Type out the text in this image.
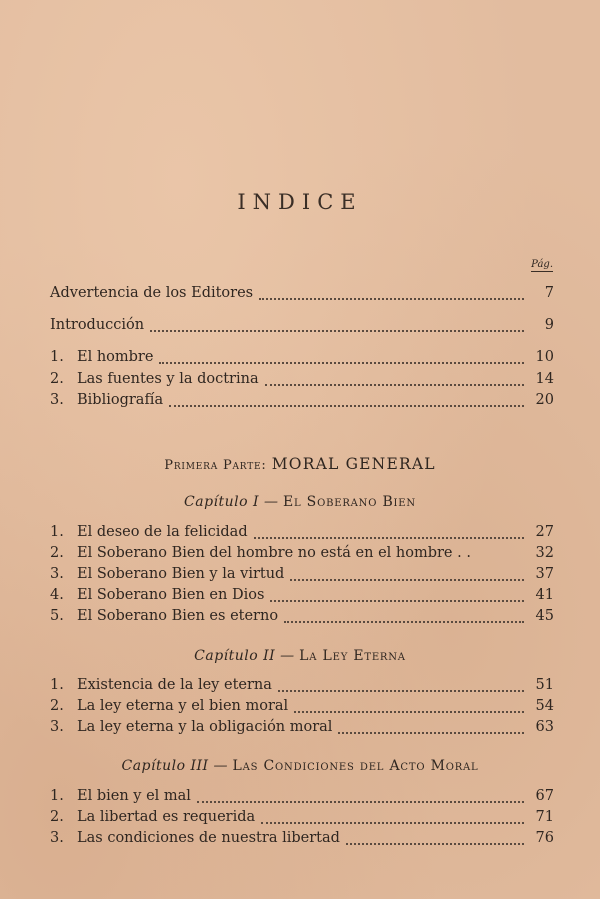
INDICE
Pág.
Advertencia de los Editores	7
Introducción	9
1. El hombre	10
2. Las fuentes y la doctrina	14
3. Bibliografía	20
Primera Parte: MORAL GENERAL
Capítulo I — El Soberano Bien
1. El deseo de la felicidad	27
2. El Soberano Bien del hombre no está en el hombre . .	32
3. El Soberano Bien y la virtud	37
4. El Soberano Bien en Dios	41
5. El Soberano Bien es eterno	45
Capítulo II — La Ley Eterna
1. Existencia de la ley eterna	51
2. La ley eterna y el bien moral	54
3. La ley eterna y la obligación moral	63
Capítulo III — Las Condiciones del Acto Moral
1. El bien y el mal	67
2. La libertad es requerida	71
3. Las condiciones de nuestra libertad	76
